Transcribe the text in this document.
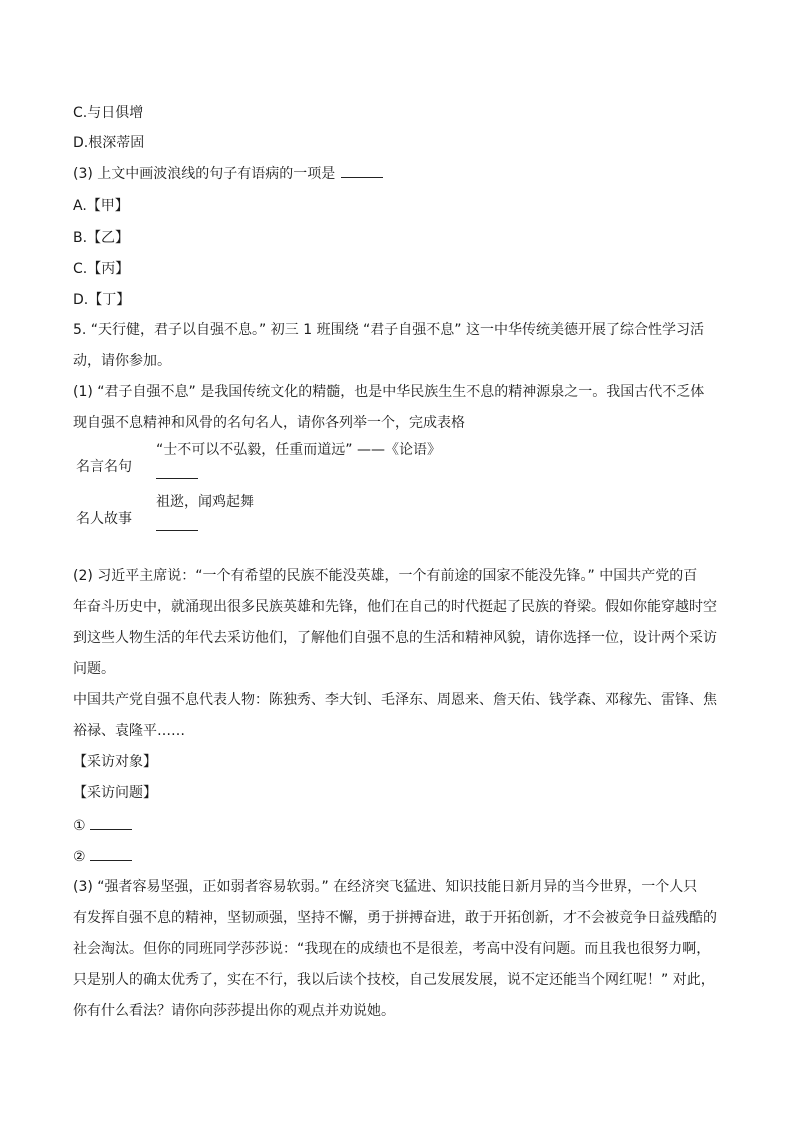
C.与日俱增
D.根深蒂固
(3) 上文中画波浪线的句子有语病的一项是
A.【甲】
B.【乙】
C.【丙】
D.【丁】
5. “天行健，君子以自强不息。” 初三 1 班围绕 “君子自强不息” 这一中华传统美德开展了综合性学习活
动，请你参加。
(1) “君子自强不息” 是我国传统文化的精髓，也是中华民族生生不息的精神源泉之一。我国古代不乏体
现自强不息精神和风骨的名句名人，请你各列举一个，完成表格
名言名句	“士不可以不弘毅，任重而道远” ——《论语》

名人故事	祖逖，闻鸡起舞
(2) 习近平主席说：“一个有希望的民族不能没英雄，一个有前途的国家不能没先锋。” 中国共产党的百
年奋斗历史中，就涌现出很多民族英雄和先锋，他们在自己的时代挺起了民族的脊梁。假如你能穿越时空
到这些人物生活的年代去采访他们，了解他们自强不息的生活和精神风貌，请你选择一位，设计两个采访
问题。
中国共产党自强不息代表人物：陈独秀、李大钊、毛泽东、周恩来、詹天佑、钱学森、邓稼先、雷锋、焦
裕禄、袁隆平……
【采访对象】
【采访问题】
①
②
(3) “强者容易坚强，正如弱者容易软弱。” 在经济突飞猛进、知识技能日新月异的当今世界，一个人只
有发挥自强不息的精神，坚韧顽强，坚持不懈，勇于拼搏奋进，敢于开拓创新，才不会被竞争日益残酷的
社会淘汰。但你的同班同学莎莎说：“我现在的成绩也不是很差，考高中没有问题。而且我也很努力啊，
只是别人的确太优秀了，实在不行，我以后读个技校，自己发展发展，说不定还能当个网红呢！” 对此，
你有什么看法？请你向莎莎提出你的观点并劝说她。
